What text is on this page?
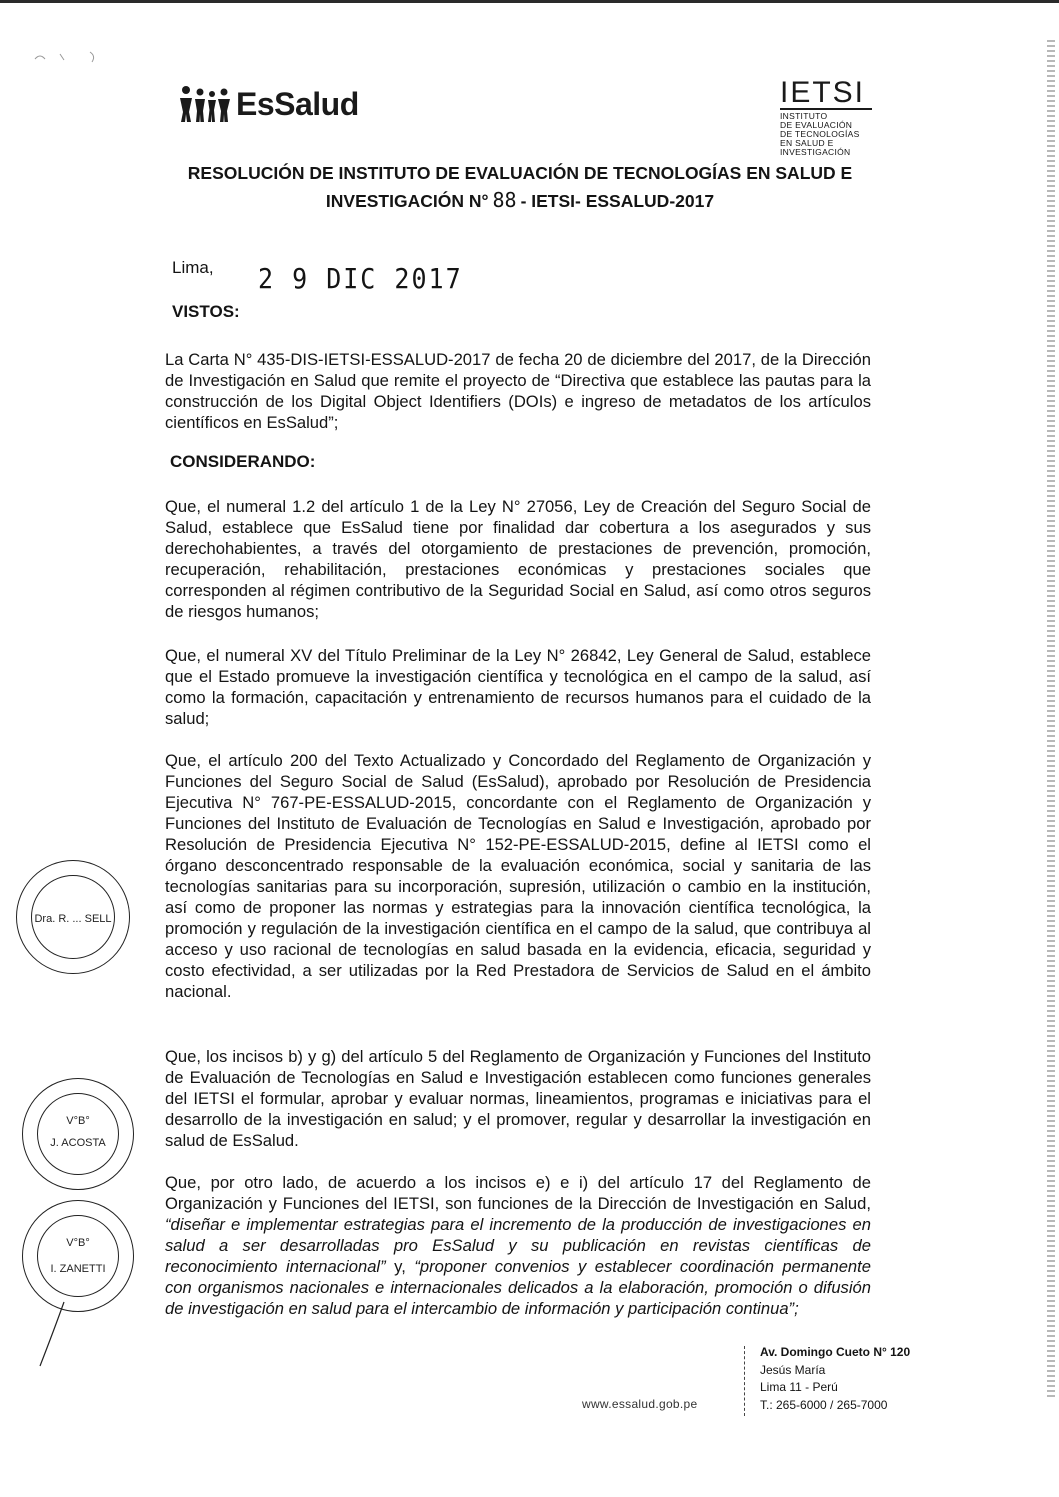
EsSalud	IETSI
INSTITUTO
DE EVALUACIÓN
DE TECNOLOGÍAS
EN SALUD E
INVESTIGACIÓN
RESOLUCIÓN DE INSTITUTO DE EVALUACIÓN DE TECNOLOGÍAS EN SALUD E
INVESTIGACIÓN N° 88 - IETSI- ESSALUD-2017
Lima, 2 9 DIC 2017
VISTOS:
La Carta N° 435-DIS-IETSI-ESSALUD-2017 de fecha 20 de diciembre del 2017, de la Dirección de Investigación en Salud que remite el proyecto de “Directiva que establece las pautas para la construcción de los Digital Object Identifiers (DOIs) e ingreso de metadatos de los artículos científicos en EsSalud”;
CONSIDERANDO:
Que, el numeral 1.2 del artículo 1 de la Ley N° 27056, Ley de Creación del Seguro Social de Salud, establece que EsSalud tiene por finalidad dar cobertura a los asegurados y sus derechohabientes, a través del otorgamiento de prestaciones de prevención, promoción, recuperación, rehabilitación, prestaciones económicas y prestaciones sociales que corresponden al régimen contributivo de la Seguridad Social en Salud, así como otros seguros de riesgos humanos;
Que, el numeral XV del Título Preliminar de la Ley N° 26842, Ley General de Salud, establece que el Estado promueve la investigación científica y tecnológica en el campo de la salud, así como la formación, capacitación y entrenamiento de recursos humanos para el cuidado de la salud;
Que, el artículo 200 del Texto Actualizado y Concordado del Reglamento de Organización y Funciones del Seguro Social de Salud (EsSalud), aprobado por Resolución de Presidencia Ejecutiva N° 767-PE-ESSALUD-2015, concordante con el Reglamento de Organización y Funciones del Instituto de Evaluación de Tecnologías en Salud e Investigación, aprobado por Resolución de Presidencia Ejecutiva N° 152-PE-ESSALUD-2015, define al IETSI como el órgano desconcentrado responsable de la evaluación económica, social y sanitaria de las tecnologías sanitarias para su incorporación, supresión, utilización o cambio en la institución, así como de proponer las normas y estrategias para la innovación científica tecnológica, la promoción y regulación de la investigación científica en el campo de la salud, que contribuya al acceso y uso racional de tecnologías en salud basada en la evidencia, eficacia, seguridad y costo efectividad, a ser utilizadas por la Red Prestadora de Servicios de Salud en el ámbito nacional.
Que, los incisos b) y g) del artículo 5 del Reglamento de Organización y Funciones del Instituto de Evaluación de Tecnologías en Salud e Investigación establecen como funciones generales del IETSI el formular, aprobar y evaluar normas, lineamientos, programas e iniciativas para el desarrollo de la investigación en salud; y el promover, regular y desarrollar la investigación en salud de EsSalud.
Que, por otro lado, de acuerdo a los incisos e) e i) del artículo 17 del Reglamento de Organización y Funciones del IETSI, son funciones de la Dirección de Investigación en Salud, “diseñar e implementar estrategias para el incremento de la producción de investigaciones en salud a ser desarrolladas pro EsSalud y su publicación en revistas científicas de reconocimiento internacional” y, “proponer convenios y establecer coordinación permanente con organismos nacionales e internacionales delicados a la elaboración, promoción o difusión de investigación en salud para el intercambio de información y participación continua”;
Dra. R. ... SELL
V°B°
J. ACOSTA
V°B°
I. ZANETTI
www.essalud.gob.pe
Av. Domingo Cueto N° 120
Jesús María
Lima 11 - Perú
T.: 265-6000 / 265-7000
